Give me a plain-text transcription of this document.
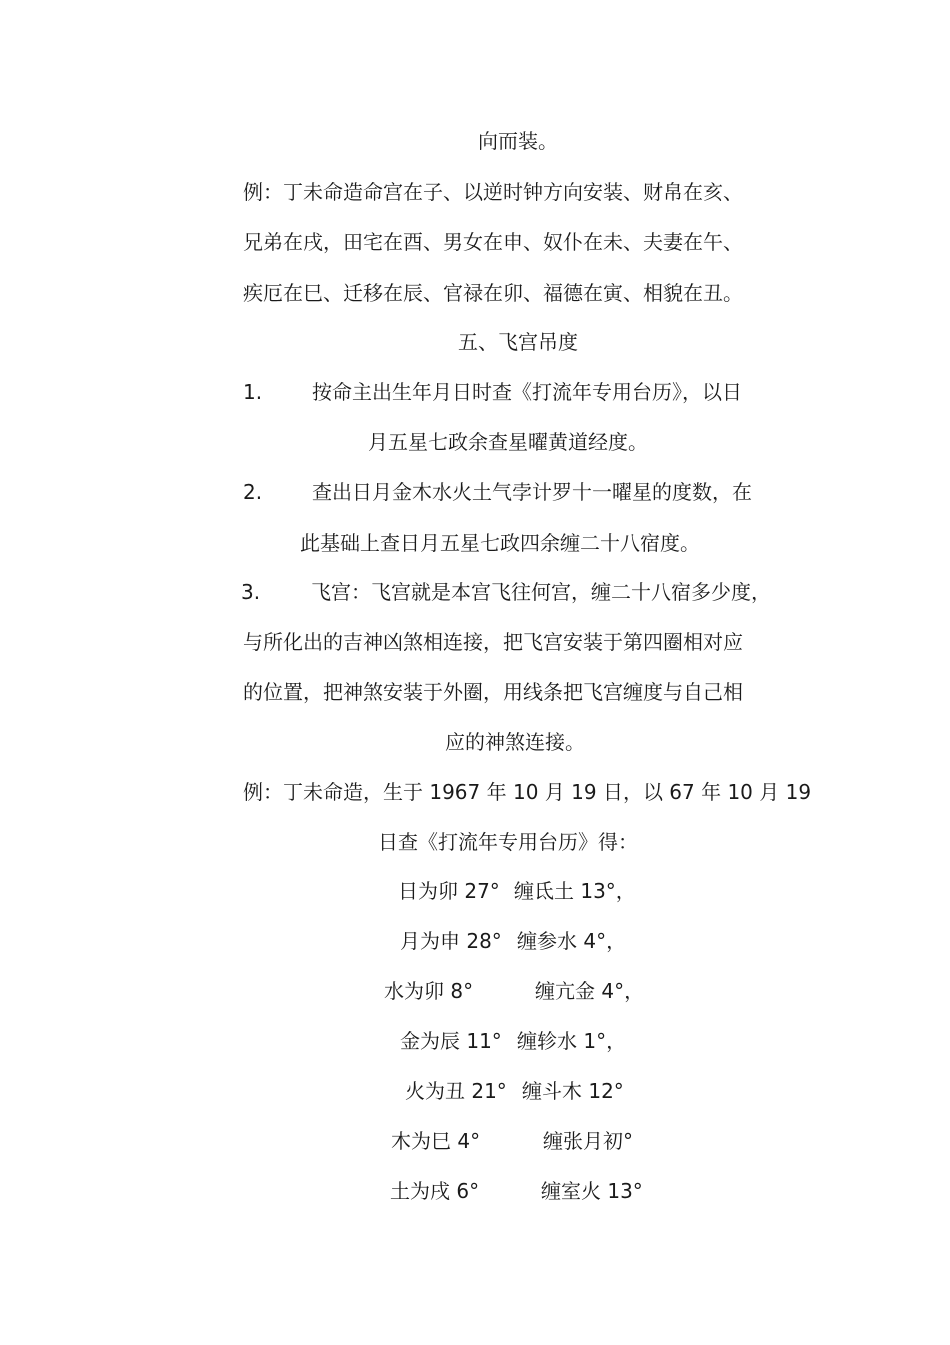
向而装。
例：丁未命造命宫在子、以逆时钟方向安装、财帛在亥、
兄弟在戌，田宅在酉、男女在申、奴仆在未、夫妻在午、
疾厄在巳、迁移在辰、官禄在卯、福德在寅、相貌在丑。
五、飞宫吊度
1. 按命主出生年月日时查《打流年专用台历》，以日
月五星七政余查星曜黄道经度。
2. 查出日月金木水火土气孛计罗十一曜星的度数，在
此基础上查日月五星七政四余缠二十八宿度。
3.	飞宫：飞宫就是本宫飞往何宫，缠二十八宿多少度，
与所化出的吉神凶煞相连接，把飞宫安装于第四圈相对应
的位置，把神煞安装于外圈，用线条把飞宫缠度与自己相
应的神煞连接。
例：丁未命造，生于 1967 年 10 月 19 日，以 67 年 10 月 19
日查《打流年专用台历》得：
日为卯 27° 缠氐土 13°，
月为申 28° 缠参水 4°，
水为卯 8°	缠亢金 4°，
金为辰 11° 缠轸水 1°，
火为丑 21° 缠斗木 12°
木为巳 4°	缠张月初°
土为戌 6°	缠室火 13°
